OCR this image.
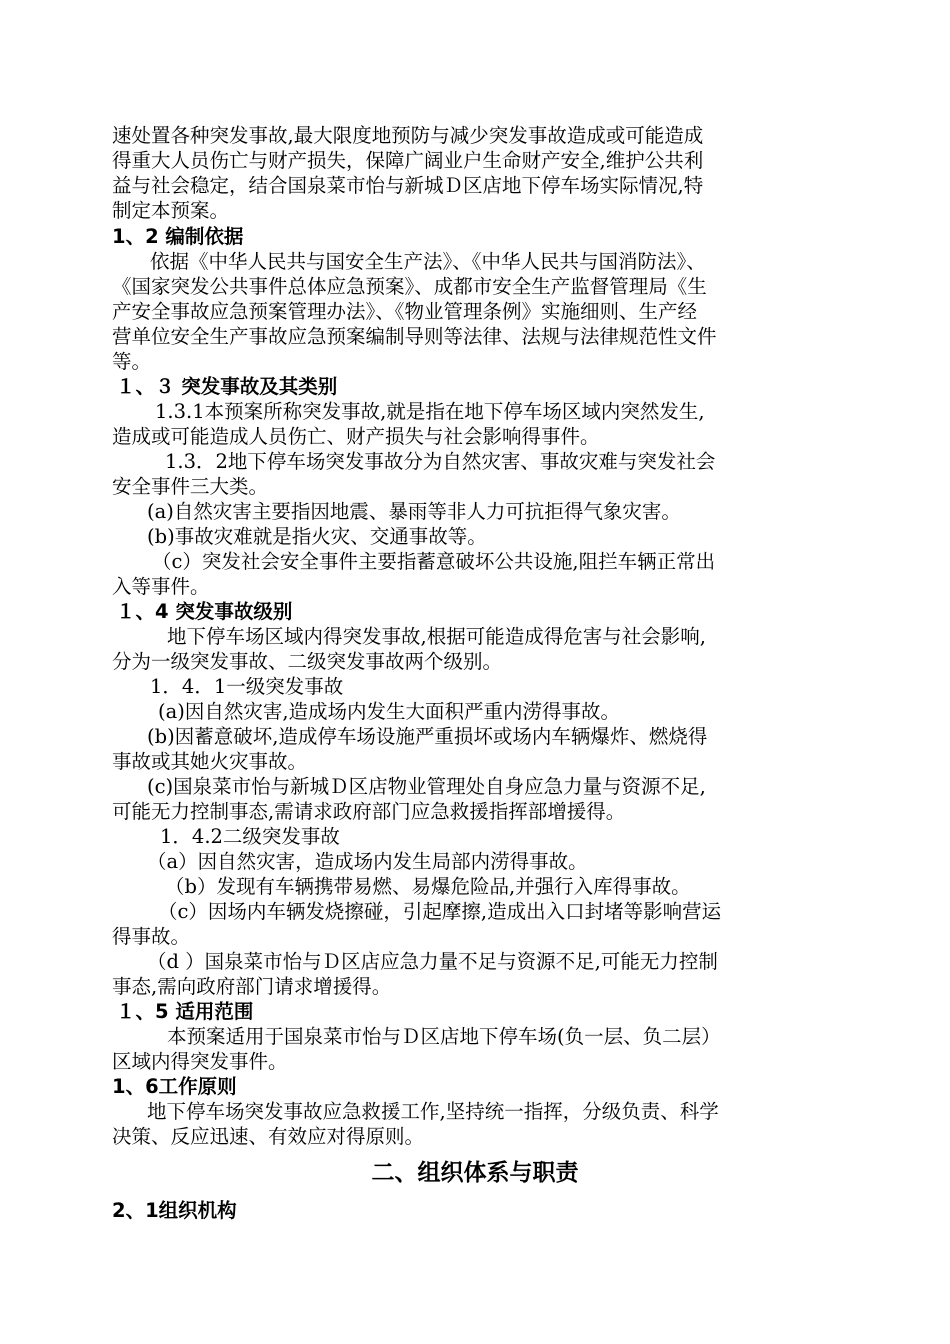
速处置各种突发事故,最大限度地预防与减少突发事故造成或可能造成
得重大人员伤亡与财产损失，保障广阔业户生命财产安全,维护公共利
益与社会稳定，结合国泉菜市怡与新城Ｄ区店地下停车场实际情况,特
制定本预案。
1、2 编制依据
依据《中华人民共与国安全生产法》、《中华人民共与国消防法》、
《国家突发公共事件总体应急预案》、成都市安全生产监督管理局《生
产安全事故应急预案管理办法》、《物业管理条例》实施细则、生产经
营单位安全生产事故应急预案编制导则等法律、法规与法律规范性文件
等。
１、３ 突发事故及其类别
1.3.1本预案所称突发事故,就是指在地下停车场区域内突然发生,
造成或可能造成人员伤亡、财产损失与社会影响得事件。
1.3．2地下停车场突发事故分为自然灾害、事故灾难与突发社会
安全事件三大类。
(a)自然灾害主要指因地震、暴雨等非人力可抗拒得气象灾害。
(b)事故灾难就是指火灾、交通事故等。
（c）突发社会安全事件主要指蓄意破坏公共设施,阻拦车辆正常出
入等事件。
１、4 突发事故级别
地下停车场区域内得突发事故,根据可能造成得危害与社会影响,
分为一级突发事故、二级突发事故两个级别。
1．4．1一级突发事故
(a)因自然灾害,造成场内发生大面积严重内涝得事故。
(b)因蓄意破坏,造成停车场设施严重损坏或场内车辆爆炸、燃烧得
事故或其她火灾事故。
(c)国泉菜市怡与新城Ｄ区店物业管理处自身应急力量与资源不足,
可能无力控制事态,需请求政府部门应急救援指挥部增援得。
1．4.2二级突发事故
（a）因自然灾害，造成场内发生局部内涝得事故。
（b）发现有车辆携带易燃、易爆危险品,并强行入库得事故。
（c）因场内车辆发烧擦碰，引起摩擦,造成出入口封堵等影响营运
得事故。
（d ）国泉菜市怡与Ｄ区店应急力量不足与资源不足,可能无力控制
事态,需向政府部门请求增援得。
１、5 适用范围
本预案适用于国泉菜市怡与Ｄ区店地下停车场(负一层、负二层）
区域内得突发事件。
1、6工作原则
地下停车场突发事故应急救援工作,坚持统一指挥，分级负责、科学
决策、反应迅速、有效应对得原则。
二、组织体系与职责
2、1组织机构
